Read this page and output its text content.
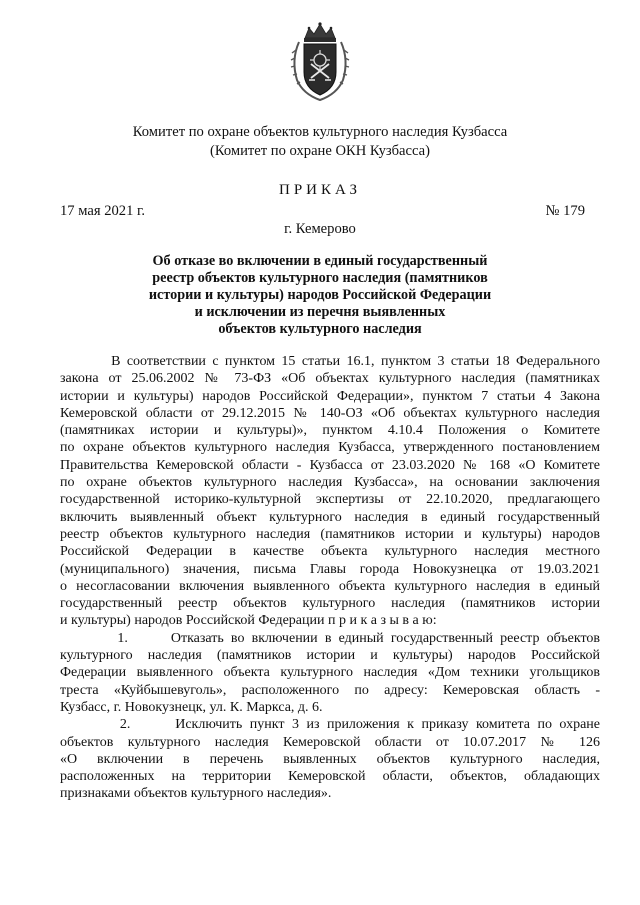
Комитет по охране объектов культурного наследия Кузбасса
(Комитет по охране ОКН Кузбасса)
ПРИКАЗ
17 мая 2021 г.	№ 179
г. Кемерово
Об отказе во включении в единый государственный
реестр объектов культурного наследия (памятников
истории и культуры) народов Российской Федерации
и исключении из перечня выявленных
объектов культурного наследия
В соответствии с пунктом 15 статьи 16.1, пунктом 3 статьи 18 Федерального
закона от 25.06.2002 № 73-ФЗ «Об объектах культурного наследия (памятниках
истории и культуры) народов Российской Федерации», пунктом 7 статьи 4 Закона
Кемеровской области от 29.12.2015 № 140-ОЗ «Об объектах культурного наследия
(памятниках истории и культуры)», пунктом 4.10.4 Положения о Комитете
по охране объектов культурного наследия Кузбасса, утвержденного постановлением
Правительства Кемеровской области - Кузбасса от 23.03.2020 № 168 «О Комитете
по охране объектов культурного наследия Кузбасса», на основании заключения
государственной историко-культурной экспертизы от 22.10.2020, предлагающего
включить выявленный объект культурного наследия в единый государственный
реестр объектов культурного наследия (памятников истории и культуры) народов
Российской Федерации в качестве объекта культурного наследия местного
(муниципального) значения, письма Главы города Новокузнецка от 19.03.2021
о несогласовании включения выявленного объекта культурного наследия в единый
государственный реестр объектов культурного наследия (памятников истории
и культуры) народов Российской Федерации п р и к а з ы в а ю:
1.      Отказать во включении в единый государственный реестр объектов
культурного наследия (памятников истории и культуры) народов Российской
Федерации выявленного объекта культурного наследия «Дом техники угольщиков
треста «Куйбышевуголь», расположенного по адресу: Кемеровская область -
Кузбасс, г. Новокузнецк, ул. К. Маркса, д. 6.
2.      Исключить пункт 3 из приложения к приказу комитета по охране
объектов культурного наследия Кемеровской области от 10.07.2017 № 126
«О включении в перечень выявленных объектов культурного наследия,
расположенных на территории Кемеровской области, объектов, обладающих
признаками объектов культурного наследия».
